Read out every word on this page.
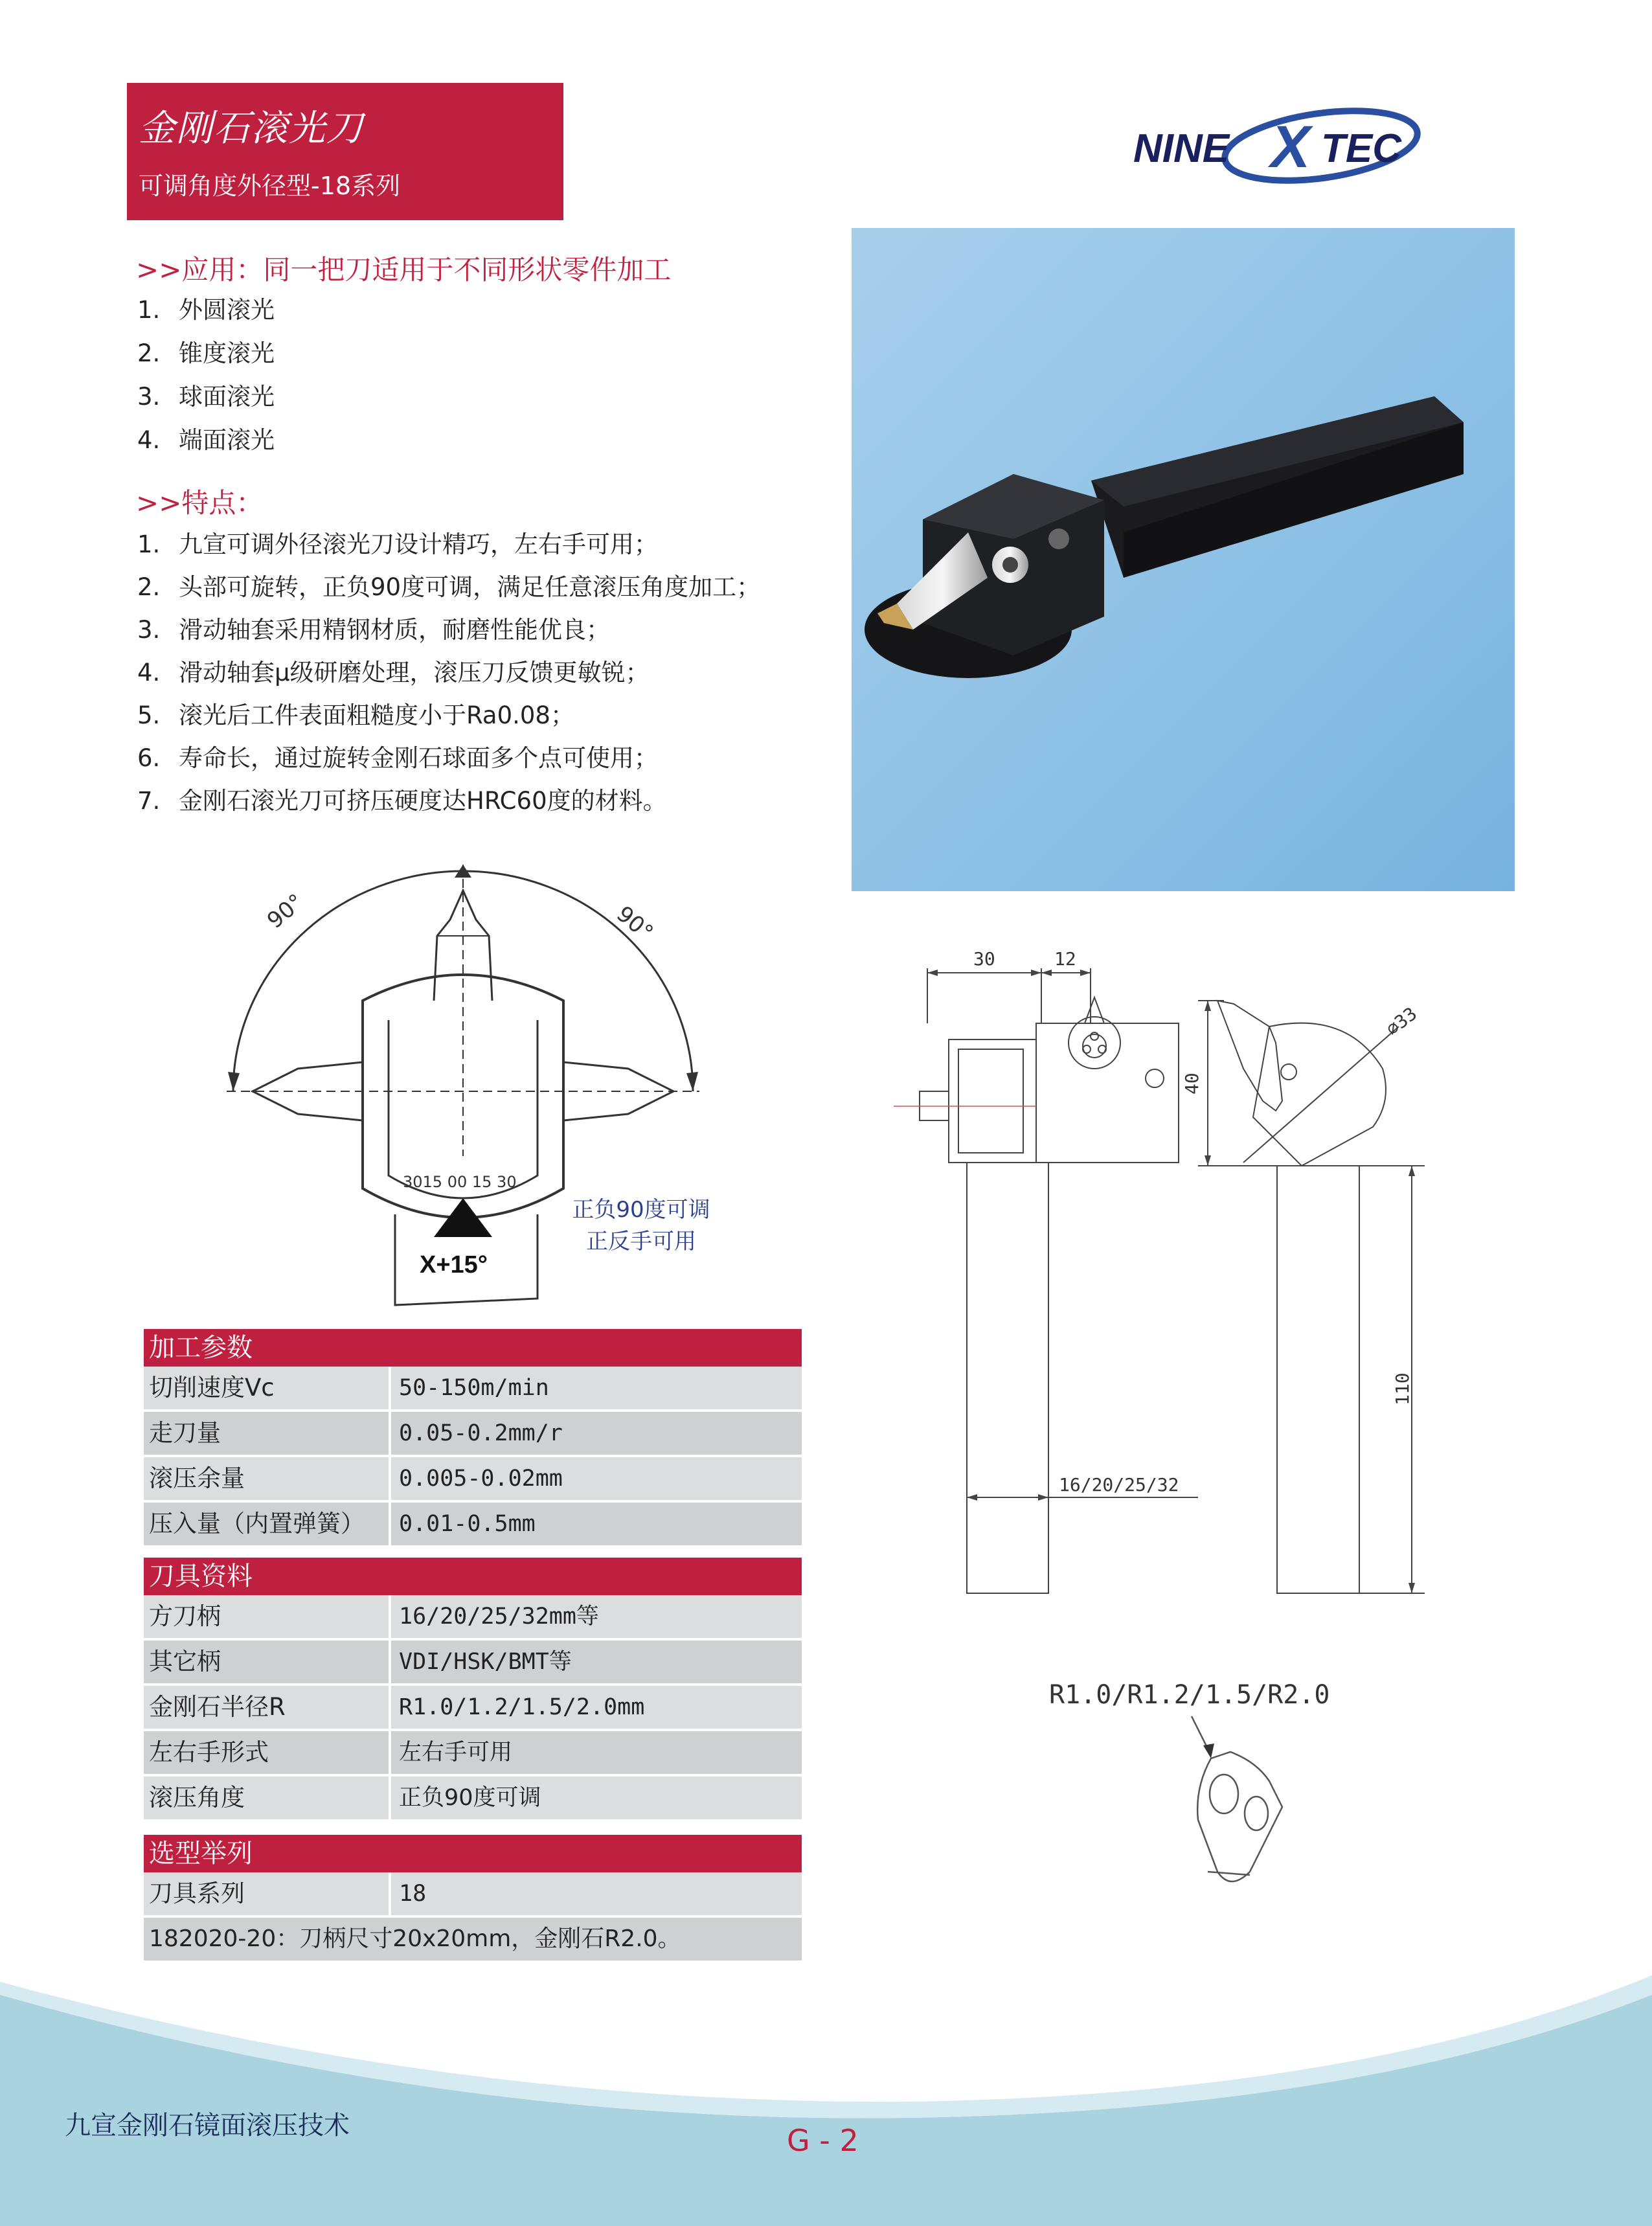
金刚石滚光刀
可调角度外径型-18系列
NINE X TEC
>>应用：同一把刀适用于不同形状零件加工
1. 外圆滚光
2. 锥度滚光
3. 球面滚光
4. 端面滚光
>>特点：
1. 九宣可调外径滚光刀设计精巧，左右手可用；
2. 头部可旋转，正负90度可调，满足任意滚压角度加工；
3. 滑动轴套采用精钢材质，耐磨性能优良；
4. 滑动轴套μ级研磨处理，滚压刀反馈更敏锐；
5. 滚光后工件表面粗糙度小于Ra0.08；
6. 寿命长，通过旋转金刚石球面多个点可使用；
7. 金刚石滚光刀可挤压硬度达HRC60度的材料。
90°	90°
3015 00 15 30
X+15°
正负90度可调
正反手可用
30	12
40
⌀33
110
16/20/25/32
R1.0/R1.2/1.5/R2.0
加工参数
切削速度Vc	50-150m/min
走刀量	0.05-0.2mm/r
滚压余量	0.005-0.02mm
压入量（内置弹簧）	0.01-0.5mm
刀具资料
方刀柄	16/20/25/32mm等
其它柄	VDI/HSK/BMT等
金刚石半径R	R1.0/1.2/1.5/2.0mm
左右手形式	左右手可用
滚压角度	正负90度可调
选型举列
刀具系列	18
182020-20：刀柄尺寸20x20mm，金刚石R2.0。
九宣金刚石镜面滚压技术	G - 2
